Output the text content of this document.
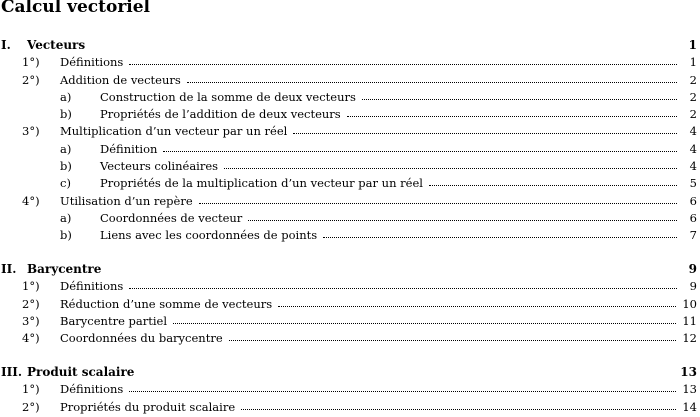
Calcul vectoriel
I.	Vecteurs	1
1°)	Définitions	1
2°)	Addition de vecteurs	2
a)	Construction de la somme de deux vecteurs	2
b)	Propriétés de l’addition de deux vecteurs	2
3°)	Multiplication d’un vecteur par un réel	4
a)	Définition	4
b)	Vecteurs colinéaires	4
c)	Propriétés de la multiplication d’un vecteur par un réel	5
4°)	Utilisation d’un repère	6
a)	Coordonnées de vecteur	6
b)	Liens avec les coordonnées de points	7
II. Barycentre	9
1°)	Définitions	9
2°)	Réduction d’une somme de vecteurs	10
3°)	Barycentre partiel	11
4°)	Coordonnées du barycentre	12
III. Produit scalaire	13
1°)	Définitions	13
2°)	Propriétés du produit scalaire	14
